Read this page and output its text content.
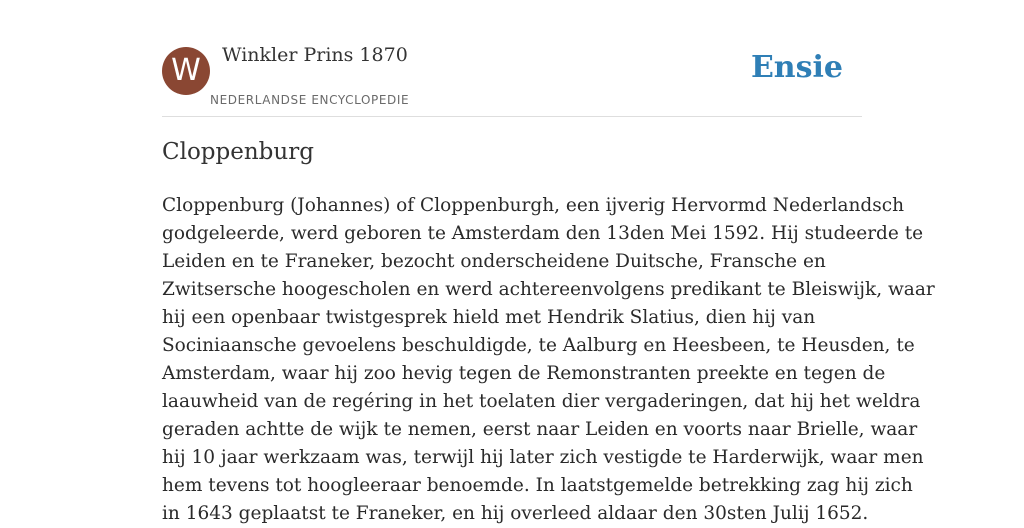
W	Winkler Prins 1870
NEDERLANDSE ENCYCLOPEDIE
Ensie
Cloppenburg
Cloppenburg (Johannes) of Cloppenburgh, een ijverig Hervormd Nederlandsch
godgeleerde, werd geboren te Amsterdam den 13den Mei 1592. Hij studeerde te
Leiden en te Franeker, bezocht onderscheidene Duitsche, Fransche en
Zwitsersche hoogescholen en werd achtereenvolgens predikant te Bleiswijk, waar
hij een openbaar twistgesprek hield met Hendrik Slatius, dien hij van
Sociniaansche gevoelens beschuldigde, te Aalburg en Heesbeen, te Heusden, te
Amsterdam, waar hij zoo hevig tegen de Remonstranten preekte en tegen de
laauwheid van de regéring in het toelaten dier vergaderingen, dat hij het weldra
geraden achtte de wijk te nemen, eerst naar Leiden en voorts naar Brielle, waar
hij 10 jaar werkzaam was, terwijl hij later zich vestigde te Harderwijk, waar men
hem tevens tot hoogleeraar benoemde. In laatstgemelde betrekking zag hij zich
in 1643 geplaatst te Franeker, en hij overleed aldaar den 30sten Julij 1652.
